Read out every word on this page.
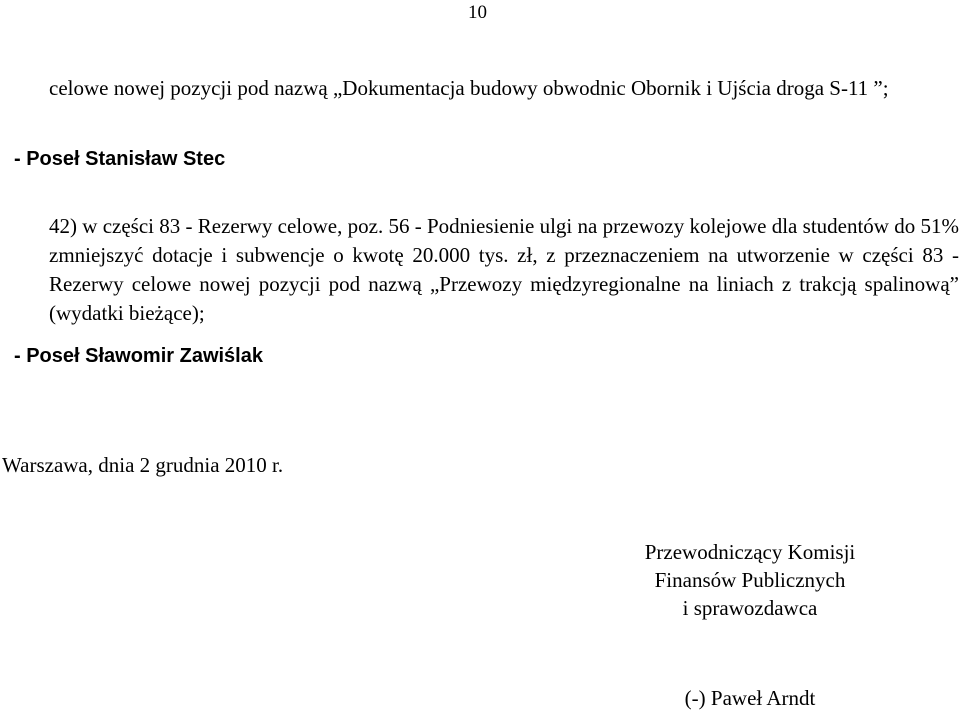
10
celowe nowej pozycji pod nazwą „Dokumentacja budowy obwodnic Obornik i Ujścia droga S-11 ”;
- Poseł Stanisław Stec
42) w części 83 - Rezerwy celowe, poz. 56 - Podniesienie ulgi na przewozy kolejowe dla studentów do 51% zmniejszyć dotacje i subwencje o kwotę 20.000 tys. zł, z przeznaczeniem na utworzenie w części 83 - Rezerwy celowe nowej pozycji pod nazwą „Przewozy międzyregionalne na liniach z trakcją spalinową” (wydatki bieżące);
- Poseł Sławomir Zawiślak
Warszawa, dnia 2 grudnia 2010 r.
Przewodniczący Komisji
Finansów Publicznych
i sprawozdawca
(-) Paweł Arndt
